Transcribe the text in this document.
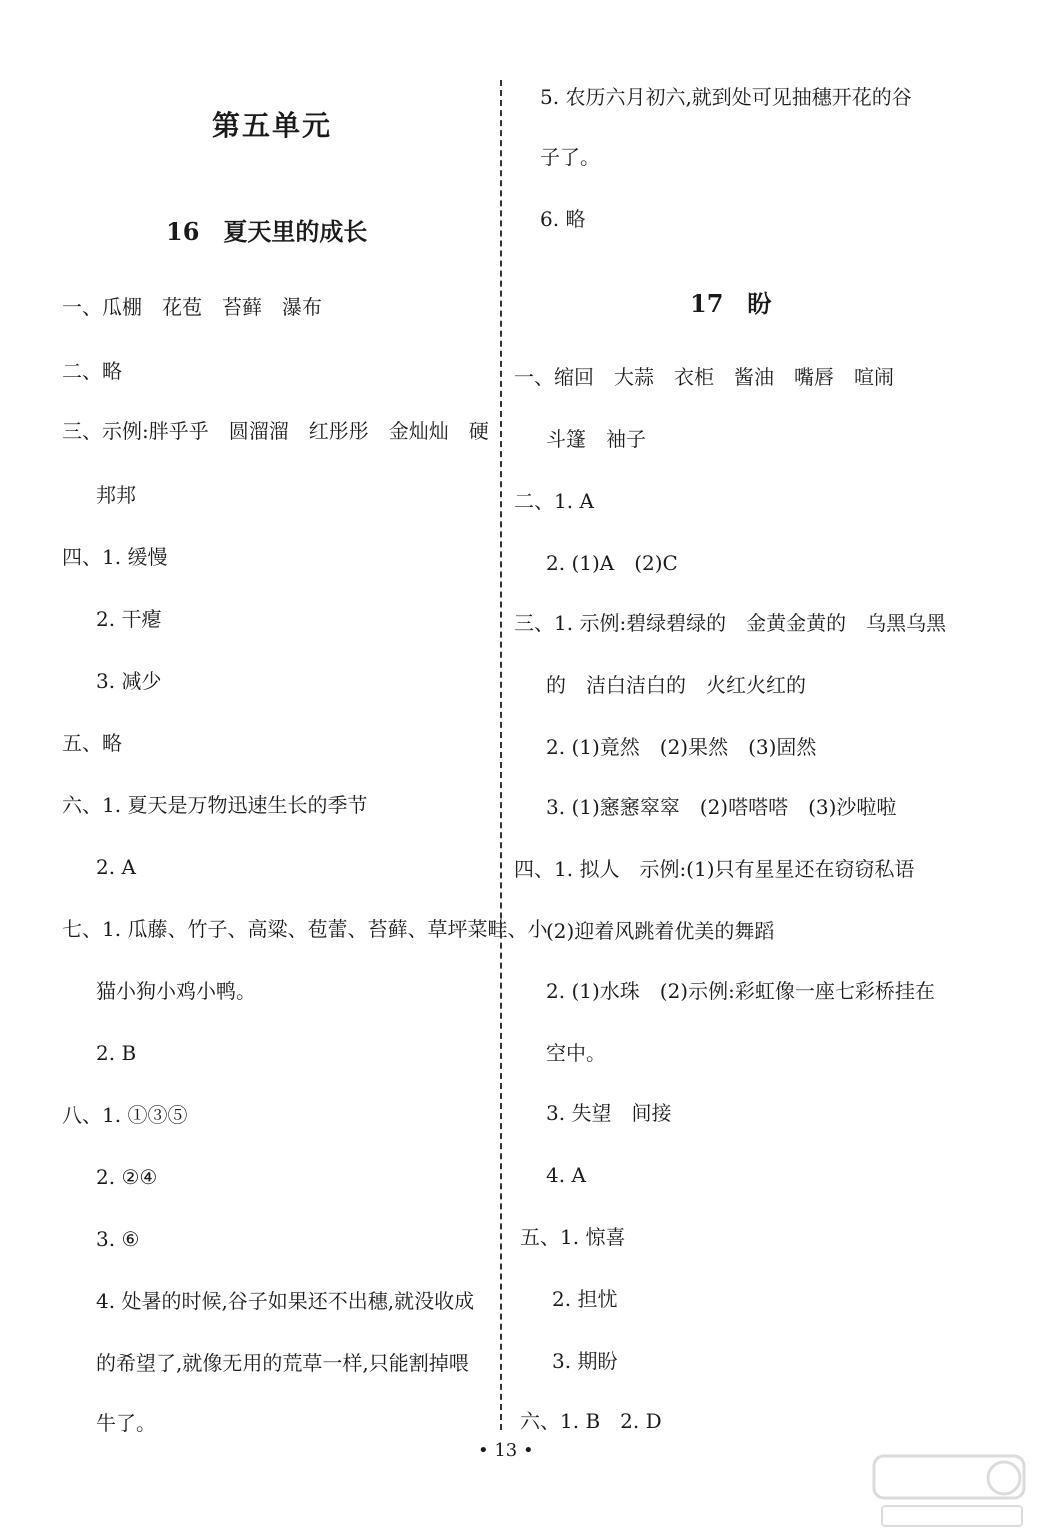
第五单元
16　夏天里的成长
一、瓜棚　花苞　苔藓　瀑布
二、略
三、示例:胖乎乎　圆溜溜　红彤彤　金灿灿　硬
邦邦
四、1. 缓慢
2. 干瘪
3. 减少
五、略
六、1. 夏天是万物迅速生长的季节
2. A
七、1. 瓜藤、竹子、高粱、苞蕾、苔藓、草坪菜畦、小
猫小狗小鸡小鸭。
2. B
八、1. ①③⑤
2. ②④
3. ⑥
4. 处暑的时候,谷子如果还不出穗,就没收成
的希望了,就像无用的荒草一样,只能割掉喂
牛了。
5. 农历六月初六,就到处可见抽穗开花的谷
子了。
6. 略
17　盼
一、缩回　大蒜　衣柜　酱油　嘴唇　喧闹
斗篷　袖子
二、1. A
2. (1)A　(2)C
三、1. 示例:碧绿碧绿的　金黄金黄的　乌黑乌黑
的　洁白洁白的　火红火红的
2. (1)竟然　(2)果然　(3)固然
3. (1)窸窸窣窣　(2)嗒嗒嗒　(3)沙啦啦
四、1. 拟人　示例:(1)只有星星还在窃窃私语
(2)迎着风跳着优美的舞蹈
2. (1)水珠　(2)示例:彩虹像一座七彩桥挂在
空中。
3. 失望　间接
4. A
五、1. 惊喜
2. 担忧
3. 期盼
六、1. B　2. D
• 13 •
